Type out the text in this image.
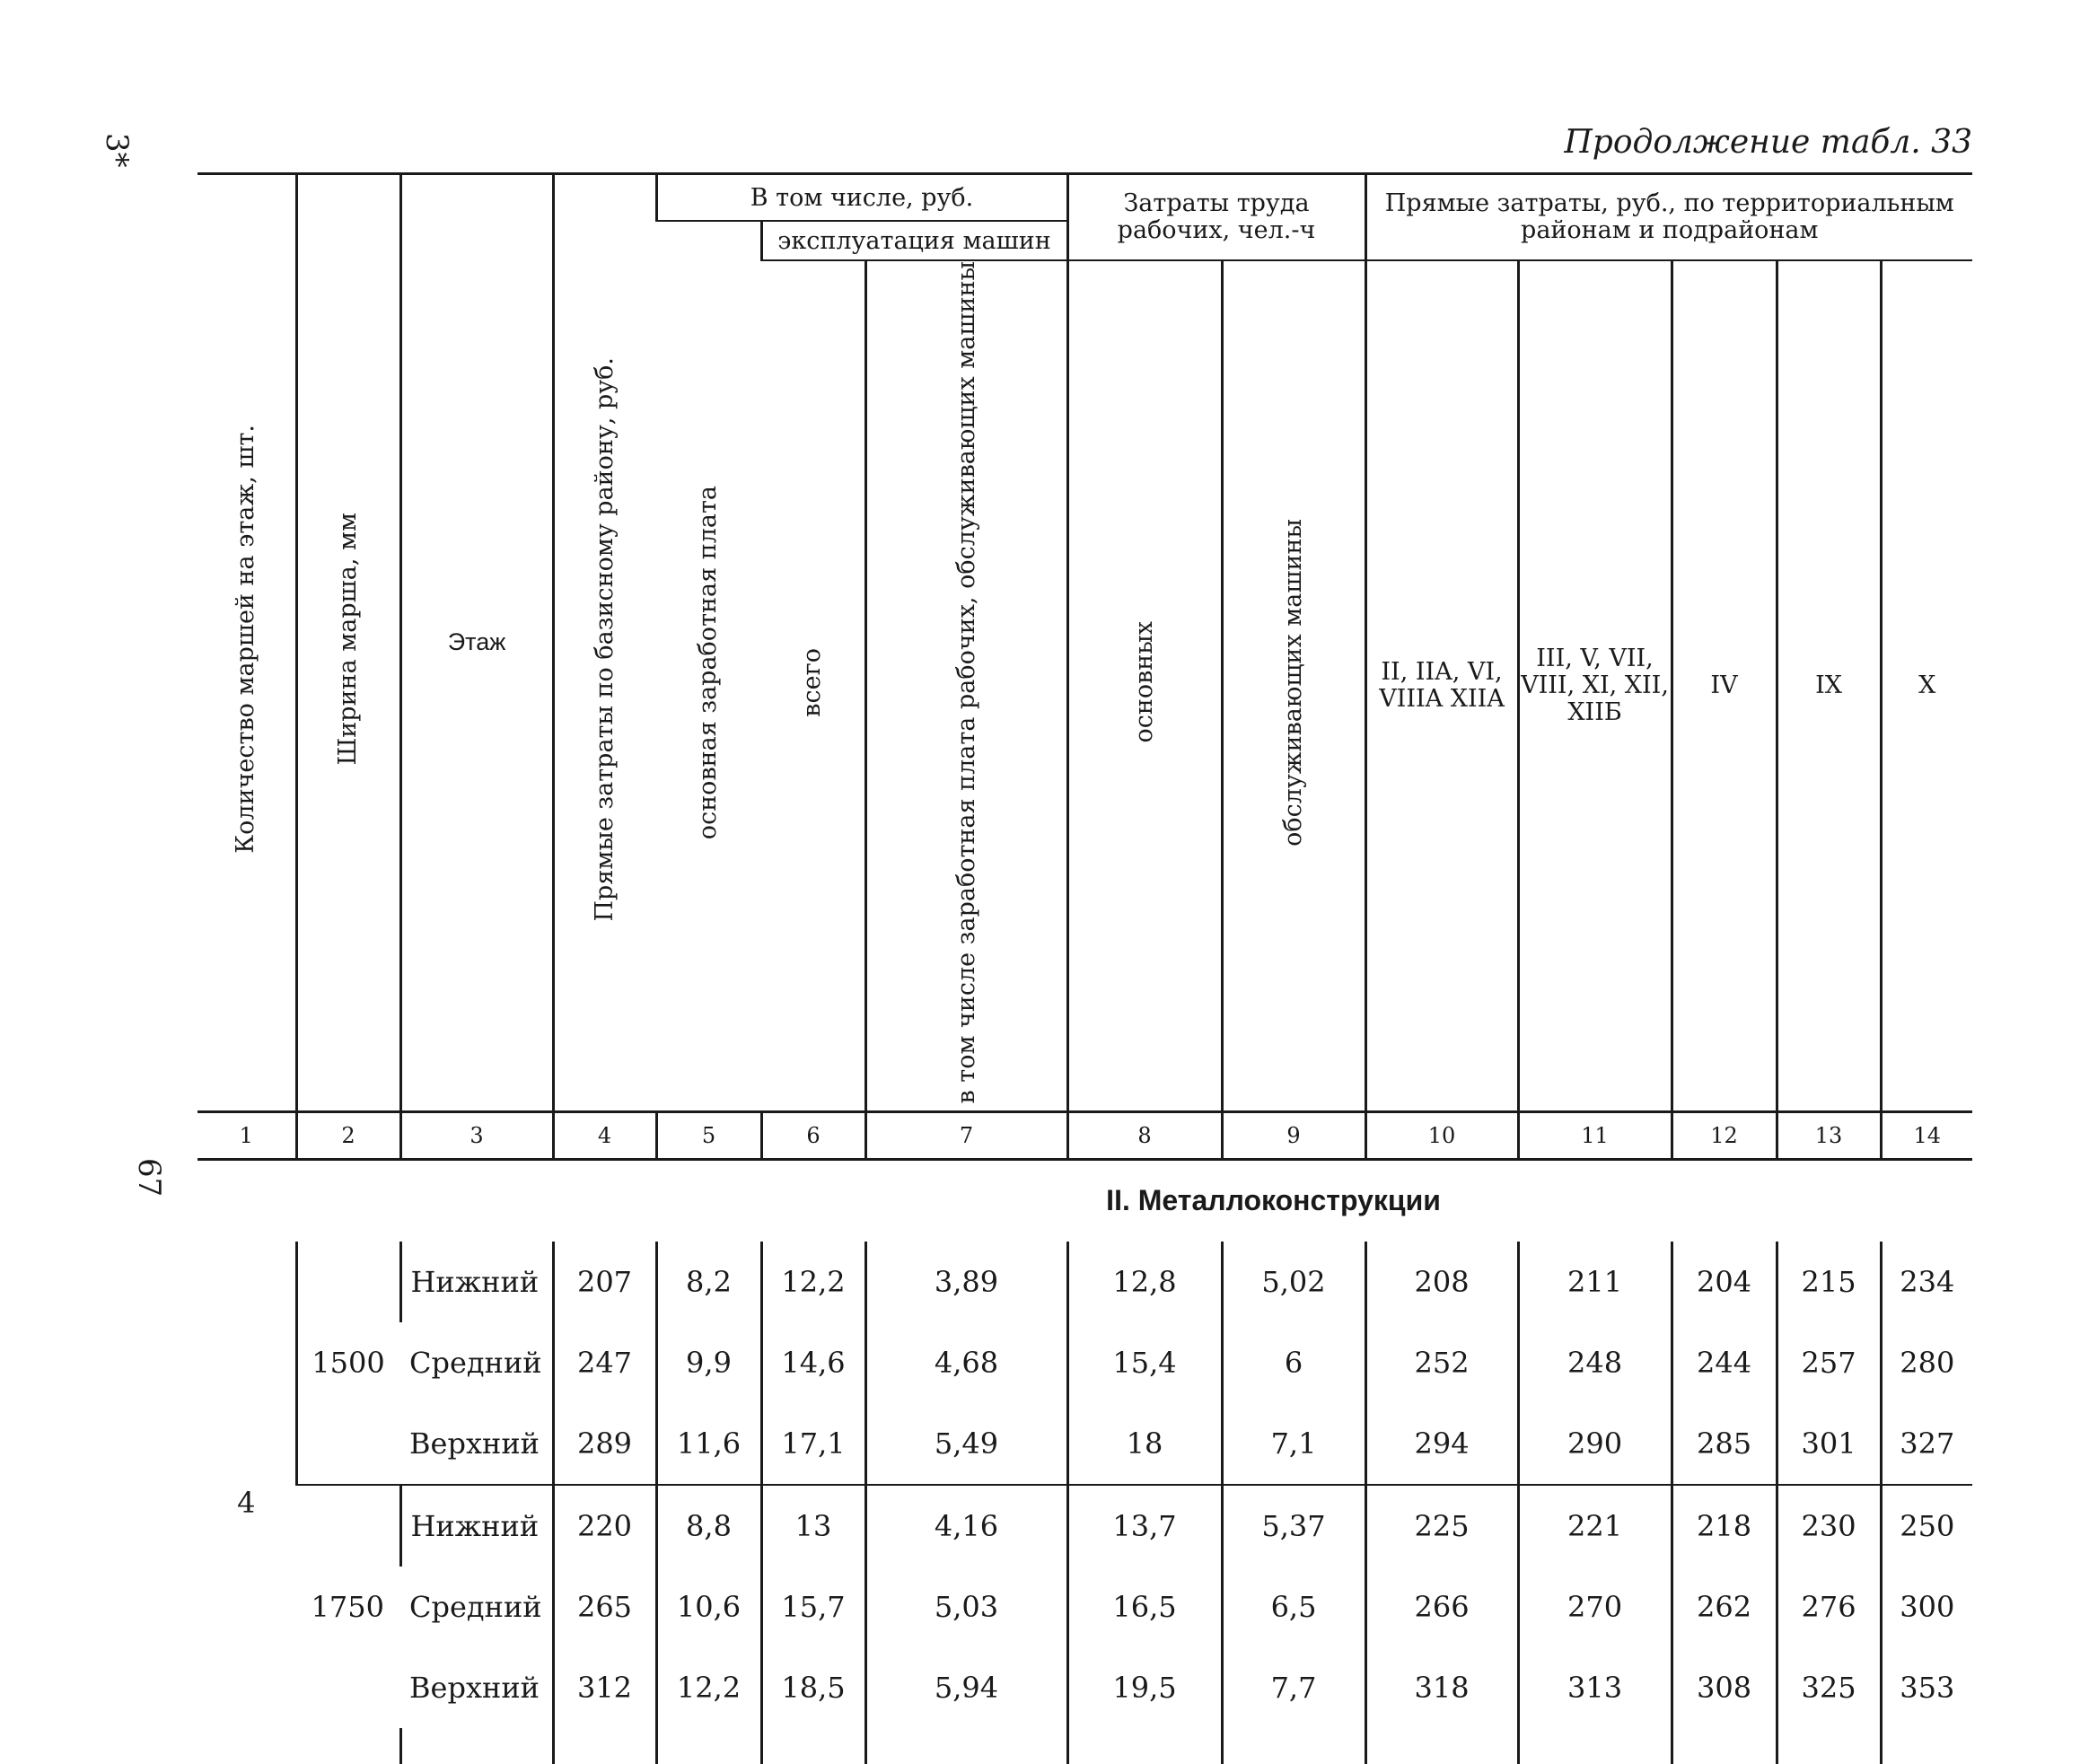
3*
67
Продолжение табл. 33
Количество маршей на этаж, шт.	Ширина марша, мм	Этаж	Прямые затраты по базисному району, руб.	В том числе, руб.			Затраты труда рабочих, чел.-ч		Прямые затраты, руб., по территориальным районам и подрайонам				
				основная заработная плата	эксплуатация машин								
					всего	в том числе заработная плата рабочих, обслуживающих машины	основных	обслуживающих машины	II, IIA, VI, VIIIA XIIA	III, V, VII, VIII, XI, XII, XIIБ	IV	IX	X
1	2	3	4	5	6	7	8	9	10	11	12	13	14
II. Металлоконструкции													
4	1500	Нижний	207	8,2	12,2	3,89	12,8	5,02	208	211	204	215	234
		Средний	247	9,9	14,6	4,68	15,4	6	252	248	244	257	280
		Верхний	289	11,6	17,1	5,49	18	7,1	294	290	285	301	327
	1750	Нижний	220	8,8	13	4,16	13,7	5,37	225	221	218	230	250
		Средний	265	10,6	15,7	5,03	16,5	6,5	266	270	262	276	300
		Верхний	312	12,2	18,5	5,94	19,5	7,7	318	313	308	325	353
